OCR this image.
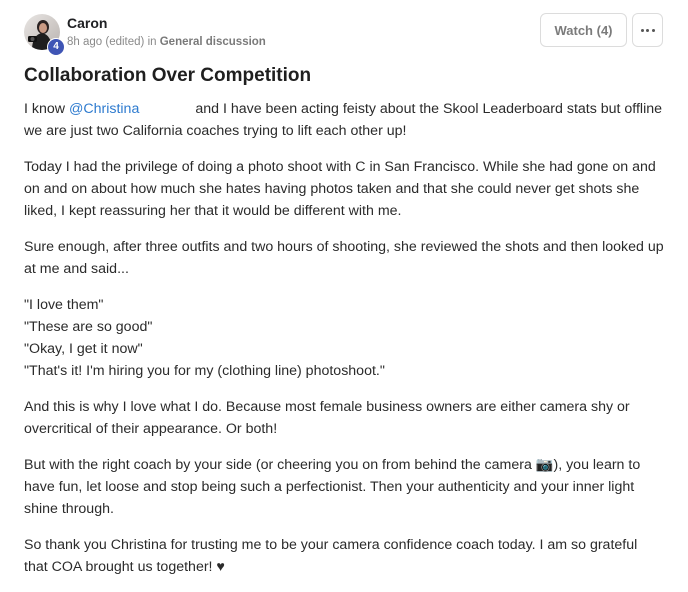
4
Caron
8h ago (edited) in General discussion
Watch (4)
Collaboration Over Competition

I know @Christina	and I have been acting feisty about the Skool Leaderboard stats but offline we are just two California coaches trying to lift each other up!

Today I had the privilege of doing a photo shoot with C in San Francisco. While she had gone on and on and on about how much she hates having photos taken and that she could never get shots she liked, I kept reassuring her that it would be different with me.

Sure enough, after three outfits and two hours of shooting, she reviewed the shots and then looked up at me and said...

"I love them"
"These are so good"
"Okay, I get it now"
"That's it! I'm hiring you for my (clothing line) photoshoot."

And this is why I love what I do. Because most female business owners are either camera shy or overcritical of their appearance. Or both!

But with the right coach by your side (or cheering you on from behind the camera 📷), you learn to have fun, let loose and stop being such a perfectionist. Then your authenticity and your inner light shine through.

So thank you Christina for trusting me to be your camera confidence coach today. I am so grateful that COA brought us together! ♥
